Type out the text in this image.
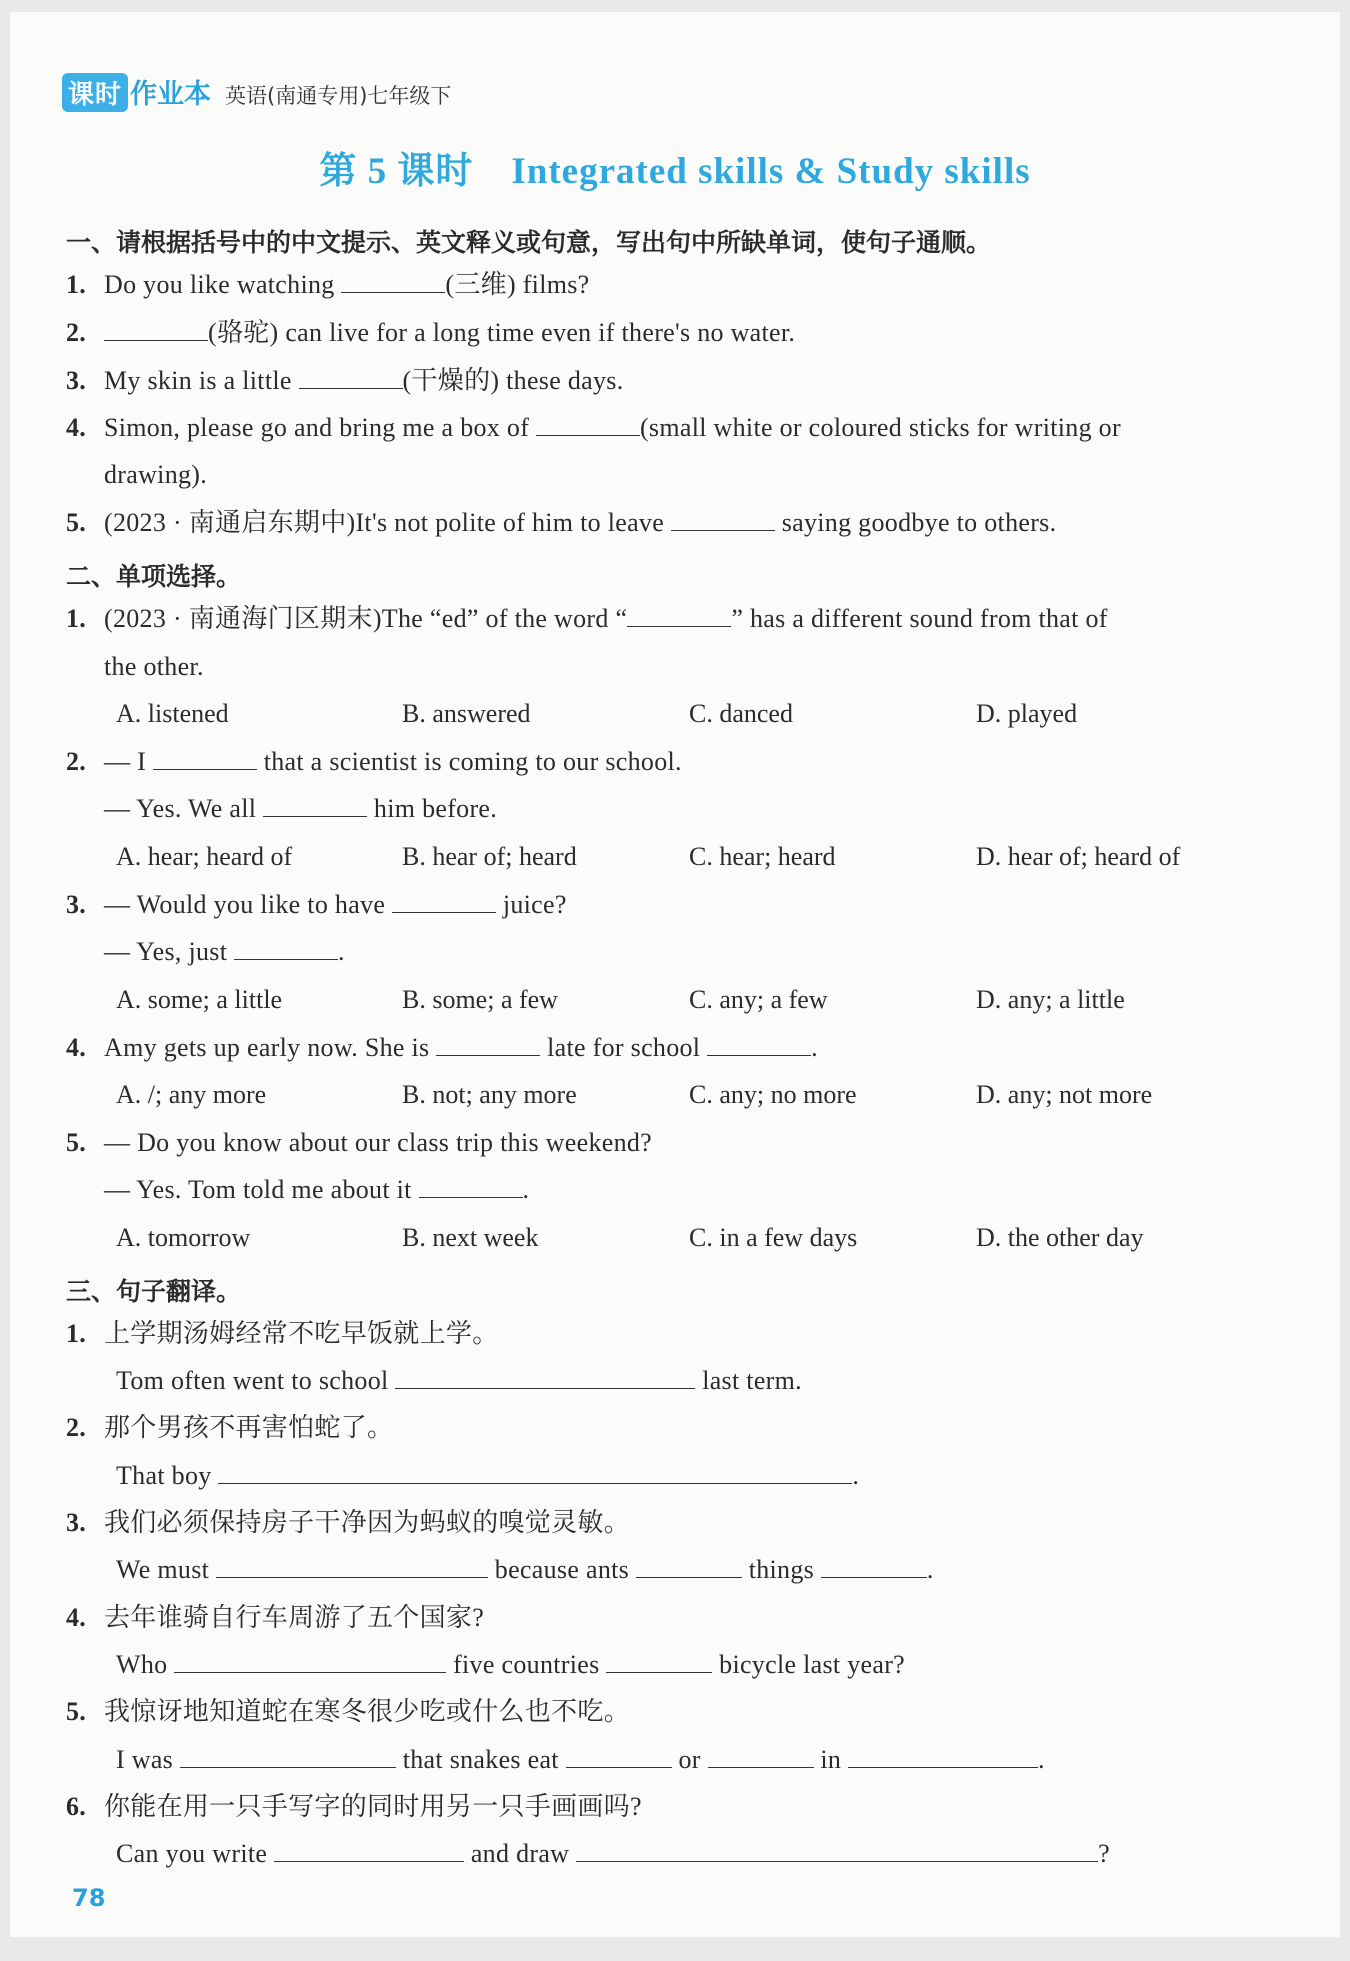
课时 作业本 英语(南通专用)七年级下
第 5 课时　Integrated skills & Study skills
一、请根据括号中的中文提示、英文释义或句意，写出句中所缺单词，使句子通顺。
1. Do you like watching	(三维) films?
2.	(骆驼) can live for a long time even if there's no water.
3. My skin is a little	(干燥的) these days.
4. Simon, please go and bring me a box of	(small white or coloured sticks for writing or
drawing).
5. (2023 · 南通启东期中)It's not polite of him to leave	saying goodbye to others.
二、单项选择。
1. (2023 · 南通海门区期末)The “ed” of the word “	” has a different sound from that of
the other.
A. listened	B. answered	C. danced	D. played
2. — I	that a scientist is coming to our school.
— Yes. We all	him before.
A. hear; heard of	B. hear of; heard	C. hear; heard	D. hear of; heard of
3. — Would you like to have	juice?
— Yes, just	.
A. some; a little	B. some; a few	C. any; a few	D. any; a little
4. Amy gets up early now. She is	late for school	.
A. /; any more	B. not; any more	C. any; no more	D. any; not more
5. — Do you know about our class trip this weekend?
— Yes. Tom told me about it	.
A. tomorrow	B. next week	C. in a few days	D. the other day
三、句子翻译。
1. 上学期汤姆经常不吃早饭就上学。
Tom often went to school	last term.
2. 那个男孩不再害怕蛇了。
That boy	.
3. 我们必须保持房子干净因为蚂蚁的嗅觉灵敏。
We must	because ants	things	.
4. 去年谁骑自行车周游了五个国家?
Who	five countries	bicycle last year?
5. 我惊讶地知道蛇在寒冬很少吃或什么也不吃。
I was	that snakes eat	or	in	.
6. 你能在用一只手写字的同时用另一只手画画吗?
Can you write	and draw	?
78
